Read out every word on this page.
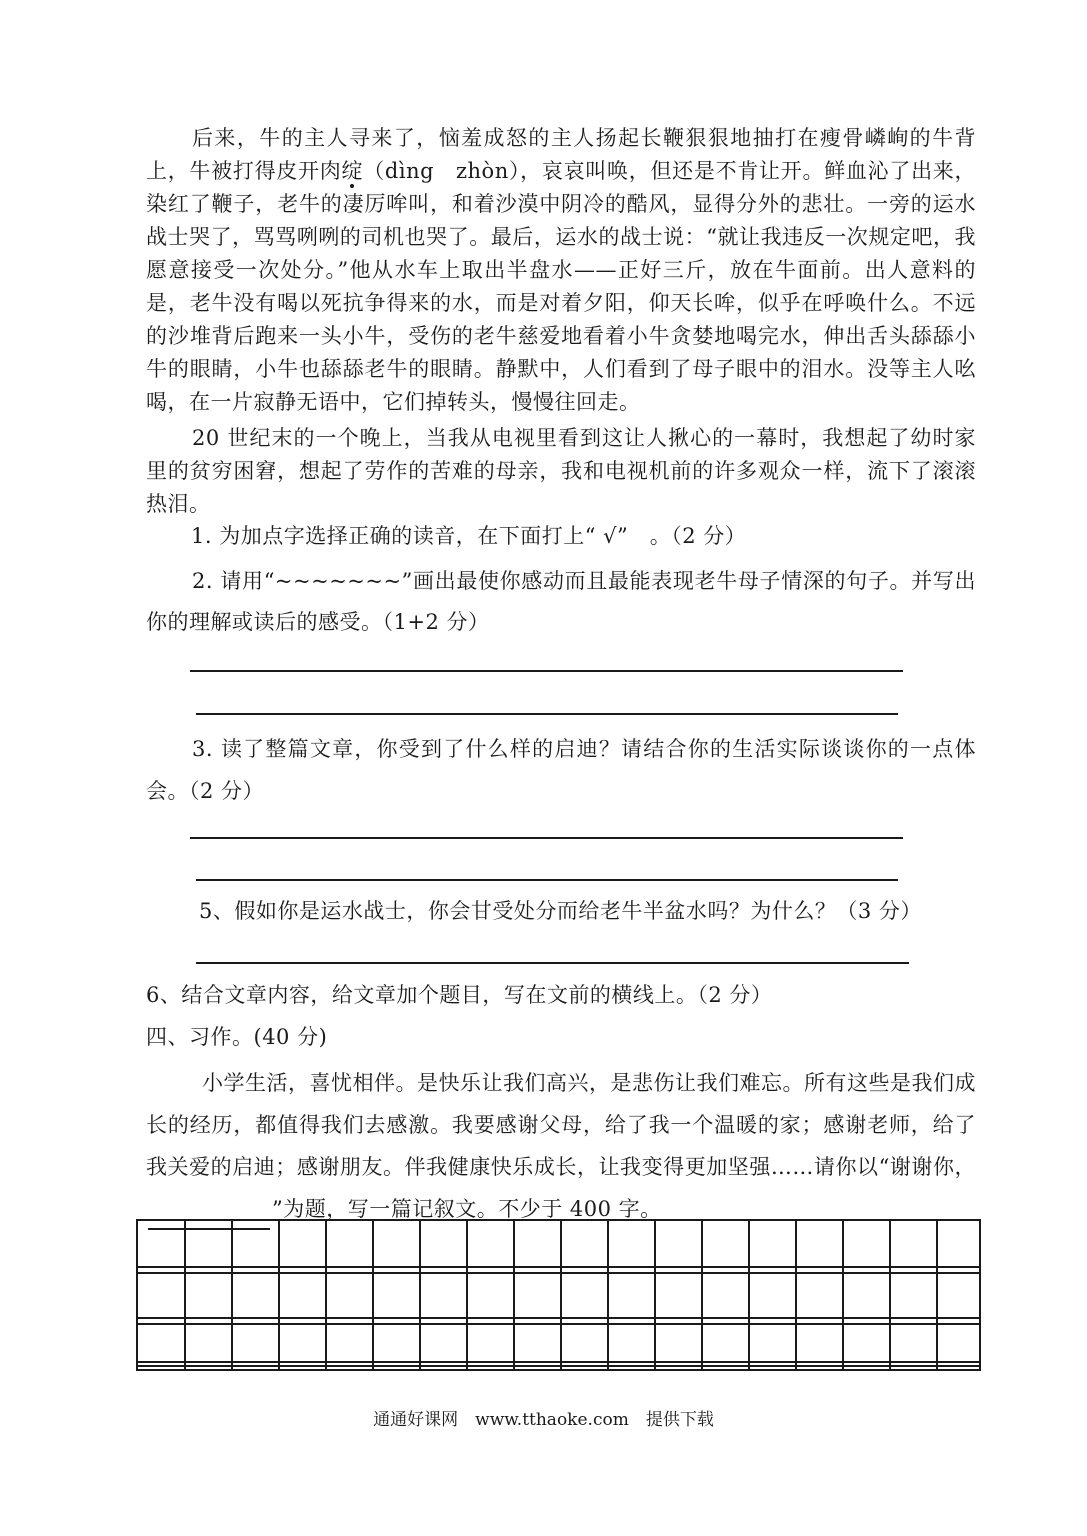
后来，牛的主人寻来了，恼羞成怒的主人扬起长鞭狠狠地抽打在瘦骨嶙峋的牛背上，牛被打得皮开肉绽（dìng　zhòn），哀哀叫唤，但还是不肯让开。鲜血沁了出来，染红了鞭子，老牛的凄厉哞叫，和着沙漠中阴冷的酷风，显得分外的悲壮。一旁的运水战士哭了，骂骂咧咧的司机也哭了。最后，运水的战士说：“就让我违反一次规定吧，我愿意接受一次处分。”他从水车上取出半盘水——正好三斤，放在牛面前。出人意料的是，老牛没有喝以死抗争得来的水，而是对着夕阳，仰天长哞，似乎在呼唤什么。不远的沙堆背后跑来一头小牛，受伤的老牛慈爱地看着小牛贪婪地喝完水，伸出舌头舔舔小牛的眼睛，小牛也舔舔老牛的眼睛。静默中，人们看到了母子眼中的泪水。没等主人吆喝，在一片寂静无语中，它们掉转头，慢慢往回走。
20 世纪末的一个晚上，当我从电视里看到这让人揪心的一幕时，我想起了幼时家里的贫穷困窘，想起了劳作的苦难的母亲，我和电视机前的许多观众一样，流下了滚滚热泪。
1. 为加点字选择正确的读音，在下面打上“ √”　。（2 分）
2. 请用“~~~~~~~”画出最使你感动而且最能表现老牛母子情深的句子。并写出你的理解或读后的感受。（1+2 分）
3. 读了整篇文章，你受到了什么样的启迪？请结合你的生活实际谈谈你的一点体会。（2 分）
5、假如你是运水战士，你会甘受处分而给老牛半盆水吗？为什么？（3 分）
6、结合文章内容，给文章加个题目，写在文前的横线上。（2 分）
四、习作。(40 分)
小学生活，喜忧相伴。是快乐让我们高兴，是悲伤让我们难忘。所有这些是我们成长的经历，都值得我们去感激。我要感谢父母，给了我一个温暖的家；感谢老师，给了我关爱的启迪；感谢朋友。伴我健康快乐成长，让我变得更加坚强……请你以“谢谢你，”为题，写一篇记叙文。不少于 400 字。
通通好课网　www.tthaoke.com　提供下载
